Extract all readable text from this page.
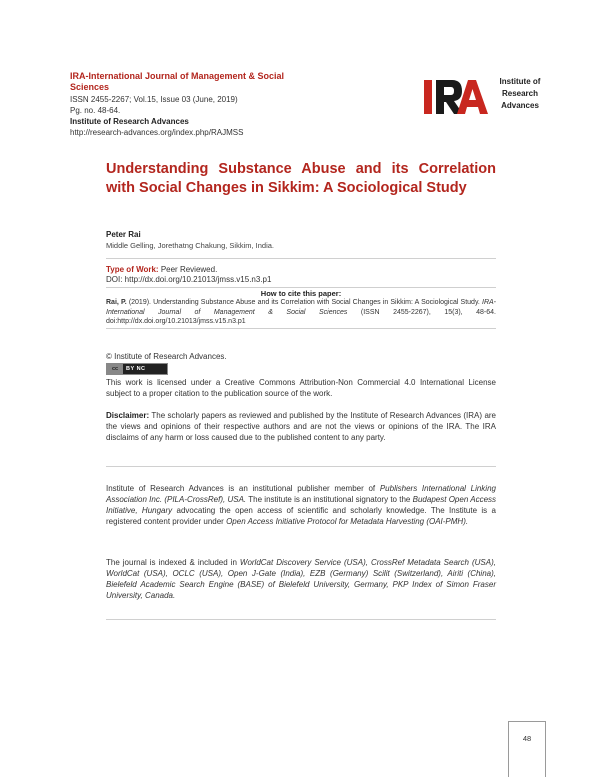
IRA-International Journal of Management & Social Sciences
ISSN 2455-2267; Vol.15, Issue 03 (June, 2019)
Pg. no. 48-64.
Institute of Research Advances
http://research-advances.org/index.php/RAJMSS
Institute of
Research
Advances
Understanding Substance Abuse and its Correlation with Social Changes in Sikkim: A Sociological Study
Peter Rai
Middle Gelling, Jorethatng Chakung, Sikkim, India.
Type of Work: Peer Reviewed.
DOI: http://dx.doi.org/10.21013/jmss.v15.n3.p1
How to cite this paper:
Rai, P. (2019). Understanding Substance Abuse and its Correlation with Social Changes in Sikkim: A Sociological Study. IRA-International Journal of Management & Social Sciences (ISSN 2455-2267), 15(3), 48-64. doi:http://dx.doi.org/10.21013/jmss.v15.n3.p1
© Institute of Research Advances.
cc	BY NC
This work is licensed under a Creative Commons Attribution-Non Commercial 4.0 International License subject to a proper citation to the publication source of the work.
Disclaimer: The scholarly papers as reviewed and published by the Institute of Research Advances (IRA) are the views and opinions of their respective authors and are not the views or opinions of the IRA. The IRA disclaims of any harm or loss caused due to the published content to any party.
Institute of Research Advances is an institutional publisher member of Publishers International Linking Association Inc. (PILA-CrossRef), USA. The institute is an institutional signatory to the Budapest Open Access Initiative, Hungary advocating the open access of scientific and scholarly knowledge. The Institute is a registered content provider under Open Access Initiative Protocol for Metadata Harvesting (OAI-PMH).
The journal is indexed & included in WorldCat Discovery Service (USA), CrossRef Metadata Search (USA), WorldCat (USA), OCLC (USA), Open J-Gate (India), EZB (Germany) Scilit (Switzerland), Airiti (China), Bielefeld Academic Search Engine (BASE) of Bielefeld University, Germany, PKP Index of Simon Fraser University, Canada.
48
